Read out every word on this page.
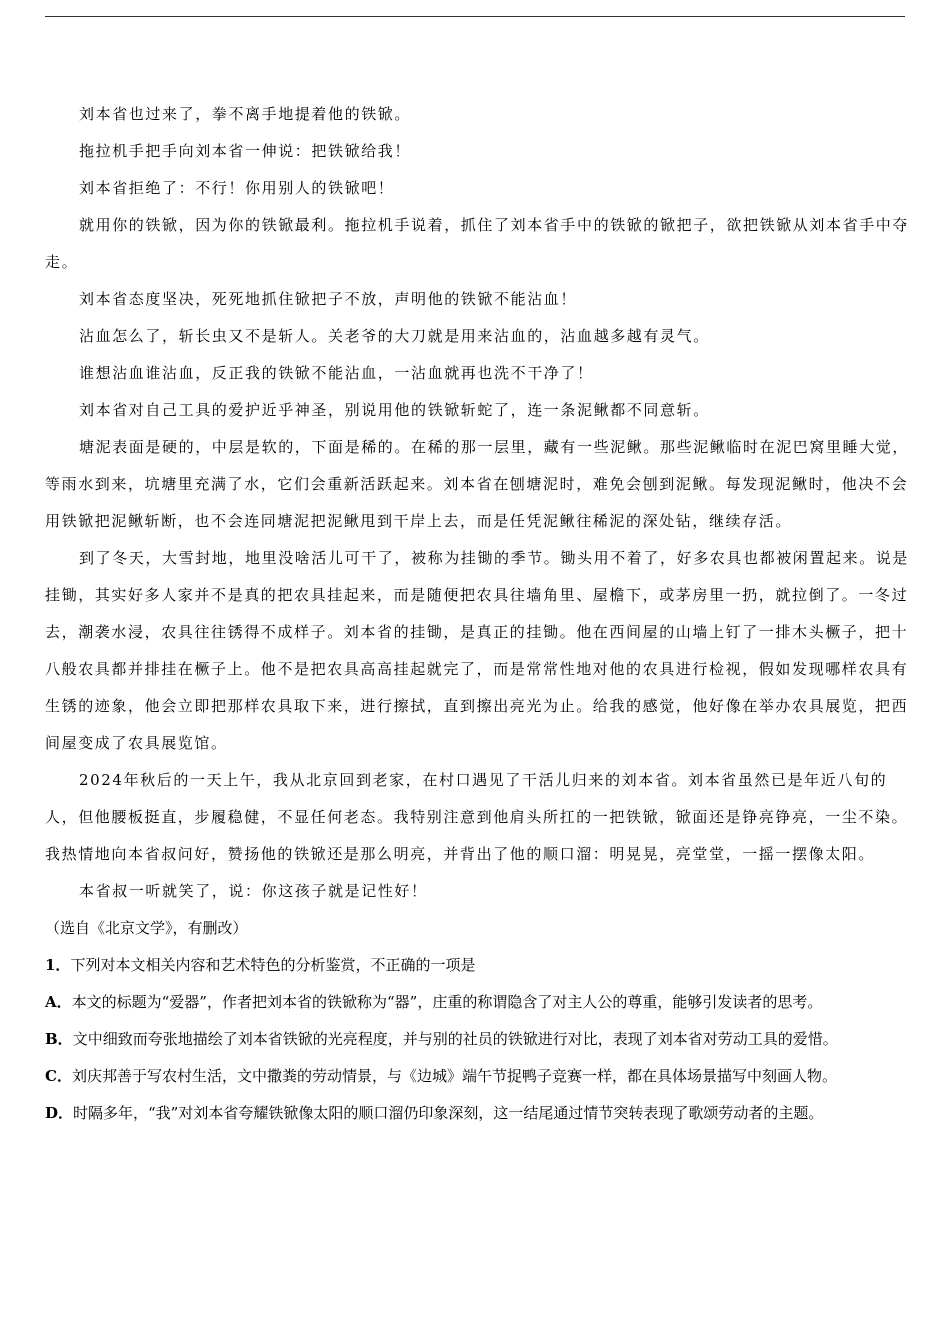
刘本省也过来了，拳不离手地提着他的铁锨。

拖拉机手把手向刘本省一伸说：把铁锨给我！

刘本省拒绝了：不行！你用别人的铁锨吧！

就用你的铁锨，因为你的铁锨最利。拖拉机手说着，抓住了刘本省手中的铁锨的锨把子，欲把铁锨从刘本省手中夺走。

刘本省态度坚决，死死地抓住锨把子不放，声明他的铁锨不能沾血！

沾血怎么了，斩长虫又不是斩人。关老爷的大刀就是用来沾血的，沾血越多越有灵气。

谁想沾血谁沾血，反正我的铁锨不能沾血，一沾血就再也洗不干净了！

刘本省对自己工具的爱护近乎神圣，别说用他的铁锨斩蛇了，连一条泥鳅都不同意斩。

塘泥表面是硬的，中层是软的，下面是稀的。在稀的那一层里，藏有一些泥鳅。那些泥鳅临时在泥巴窝里睡大觉，等雨水到来，坑塘里充满了水，它们会重新活跃起来。刘本省在刨塘泥时，难免会刨到泥鳅。每发现泥鳅时，他决不会用铁锨把泥鳅斩断，也不会连同塘泥把泥鳅甩到干岸上去，而是任凭泥鳅往稀泥的深处钻，继续存活。

到了冬天，大雪封地，地里没啥活儿可干了，被称为挂锄的季节。锄头用不着了，好多农具也都被闲置起来。说是挂锄，其实好多人家并不是真的把农具挂起来，而是随便把农具往墙角里、屋檐下，或茅房里一扔，就拉倒了。一冬过去，潮袭水浸，农具往往锈得不成样子。刘本省的挂锄，是真正的挂锄。他在西间屋的山墙上钉了一排木头橛子，把十八般农具都并排挂在橛子上。他不是把农具高高挂起就完了，而是常常性地对他的农具进行检视，假如发现哪样农具有生锈的迹象，他会立即把那样农具取下来，进行擦拭，直到擦出亮光为止。给我的感觉，他好像在举办农具展览，把西间屋变成了农具展览馆。

2024年秋后的一天上午，我从北京回到老家，在村口遇见了干活儿归来的刘本省。刘本省虽然已是年近八旬的人，但他腰板挺直，步履稳健，不显任何老态。我特别注意到他肩头所扛的一把铁锨，锨面还是铮亮铮亮，一尘不染。我热情地向本省叔问好，赞扬他的铁锨还是那么明亮，并背出了他的顺口溜：明晃晃，亮堂堂，一摇一摆像太阳。

本省叔一听就笑了，说：你这孩子就是记性好！

（选自《北京文学》，有删改）

1．下列对本文相关内容和艺术特色的分析鉴赏，不正确的一项是

A．本文的标题为“爱器”，作者把刘本省的铁锨称为“器”，庄重的称谓隐含了对主人公的尊重，能够引发读者的思考。

B．文中细致而夸张地描绘了刘本省铁锨的光亮程度，并与别的社员的铁锨进行对比，表现了刘本省对劳动工具的爱惜。

C．刘庆邦善于写农村生活，文中撒粪的劳动情景，与《边城》端午节捉鸭子竞赛一样，都在具体场景描写中刻画人物。

D．时隔多年，“我”对刘本省夸耀铁锨像太阳的顺口溜仍印象深刻，这一结尾通过情节突转表现了歌颂劳动者的主题。
